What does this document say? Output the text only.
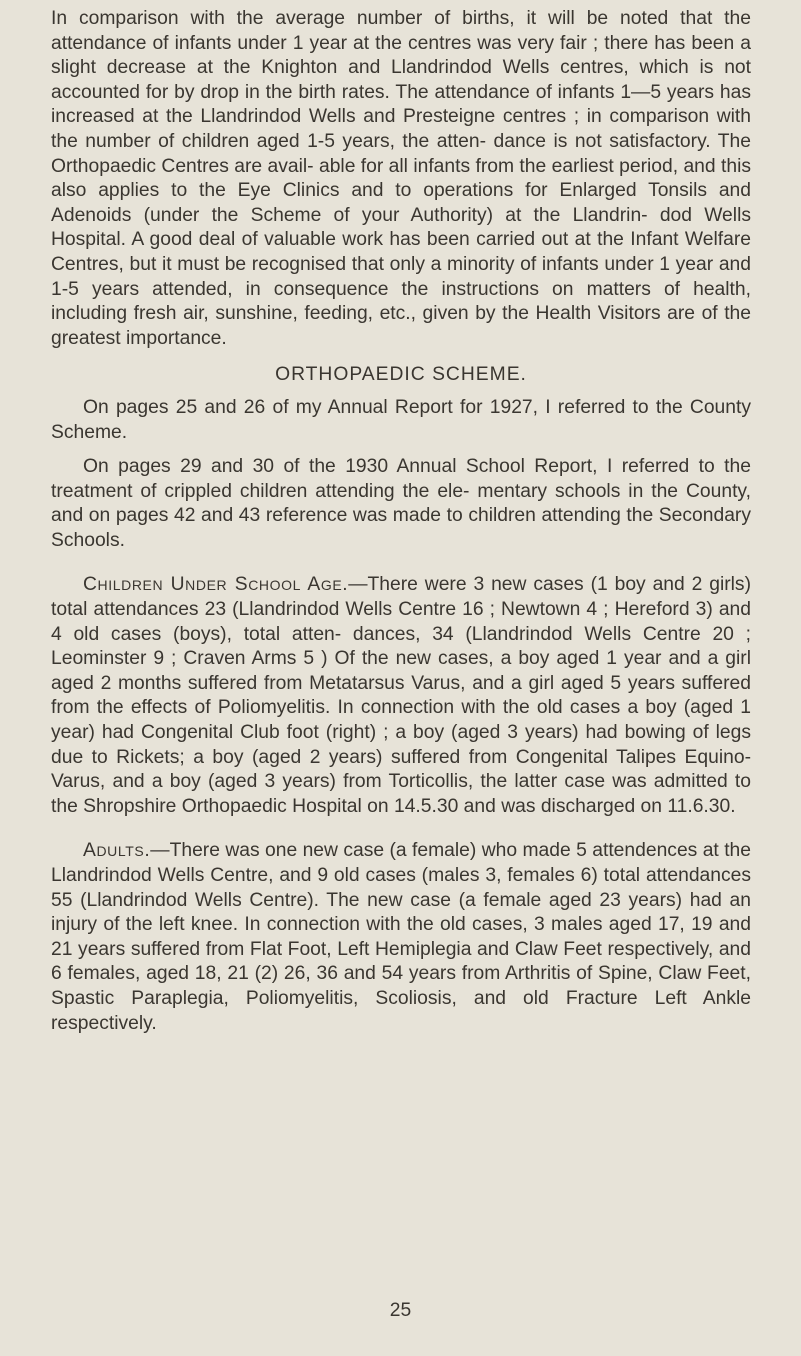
In comparison with the average number of births, it will be noted that the attendance of infants under 1 year at the centres was very fair ; there has been a slight decrease at the Knighton and Llandrindod Wells centres, which is not accounted for by drop in the birth rates. The attendance of infants 1—5 years has increased at the Llandrindod Wells and Presteigne centres ; in comparison with the number of children aged 1-5 years, the atten- dance is not satisfactory. The Orthopaedic Centres are avail- able for all infants from the earliest period, and this also applies to the Eye Clinics and to operations for Enlarged Tonsils and Adenoids (under the Scheme of your Authority) at the Llandrin- dod Wells Hospital. A good deal of valuable work has been carried out at the Infant Welfare Centres, but it must be recognised that only a minority of infants under 1 year and 1-5 years attended, in consequence the instructions on matters of health, including fresh air, sunshine, feeding, etc., given by the Health Visitors are of the greatest importance.

ORTHOPAEDIC SCHEME.

On pages 25 and 26 of my Annual Report for 1927, I referred to the County Scheme.

On pages 29 and 30 of the 1930 Annual School Report, I referred to the treatment of crippled children attending the ele- mentary schools in the County, and on pages 42 and 43 reference was made to children attending the Secondary Schools.

Children Under School Age.—There were 3 new cases (1 boy and 2 girls) total attendances 23 (Llandrindod Wells Centre 16 ; Newtown 4 ; Hereford 3) and 4 old cases (boys), total atten- dances, 34 (Llandrindod Wells Centre 20 ; Leominster 9 ; Craven Arms 5 ) Of the new cases, a boy aged 1 year and a girl aged 2 months suffered from Metatarsus Varus, and a girl aged 5 years suffered from the effects of Poliomyelitis. In connection with the old cases a boy (aged 1 year) had Congenital Club foot (right) ; a boy (aged 3 years) had bowing of legs due to Rickets; a boy (aged 2 years) suffered from Congenital Talipes Equino- Varus, and a boy (aged 3 years) from Torticollis, the latter case was admitted to the Shropshire Orthopaedic Hospital on 14.5.30 and was discharged on 11.6.30.

Adults.—There was one new case (a female) who made 5 attendences at the Llandrindod Wells Centre, and 9 old cases (males 3, females 6) total attendances 55 (Llandrindod Wells Centre). The new case (a female aged 23 years) had an injury of the left knee. In connection with the old cases, 3 males aged 17, 19 and 21 years suffered from Flat Foot, Left Hemiplegia and Claw Feet respectively, and 6 females, aged 18, 21 (2) 26, 36 and 54 years from Arthritis of Spine, Claw Feet, Spastic Paraplegia, Poliomyelitis, Scoliosis, and old Fracture Left Ankle respectively.

25
